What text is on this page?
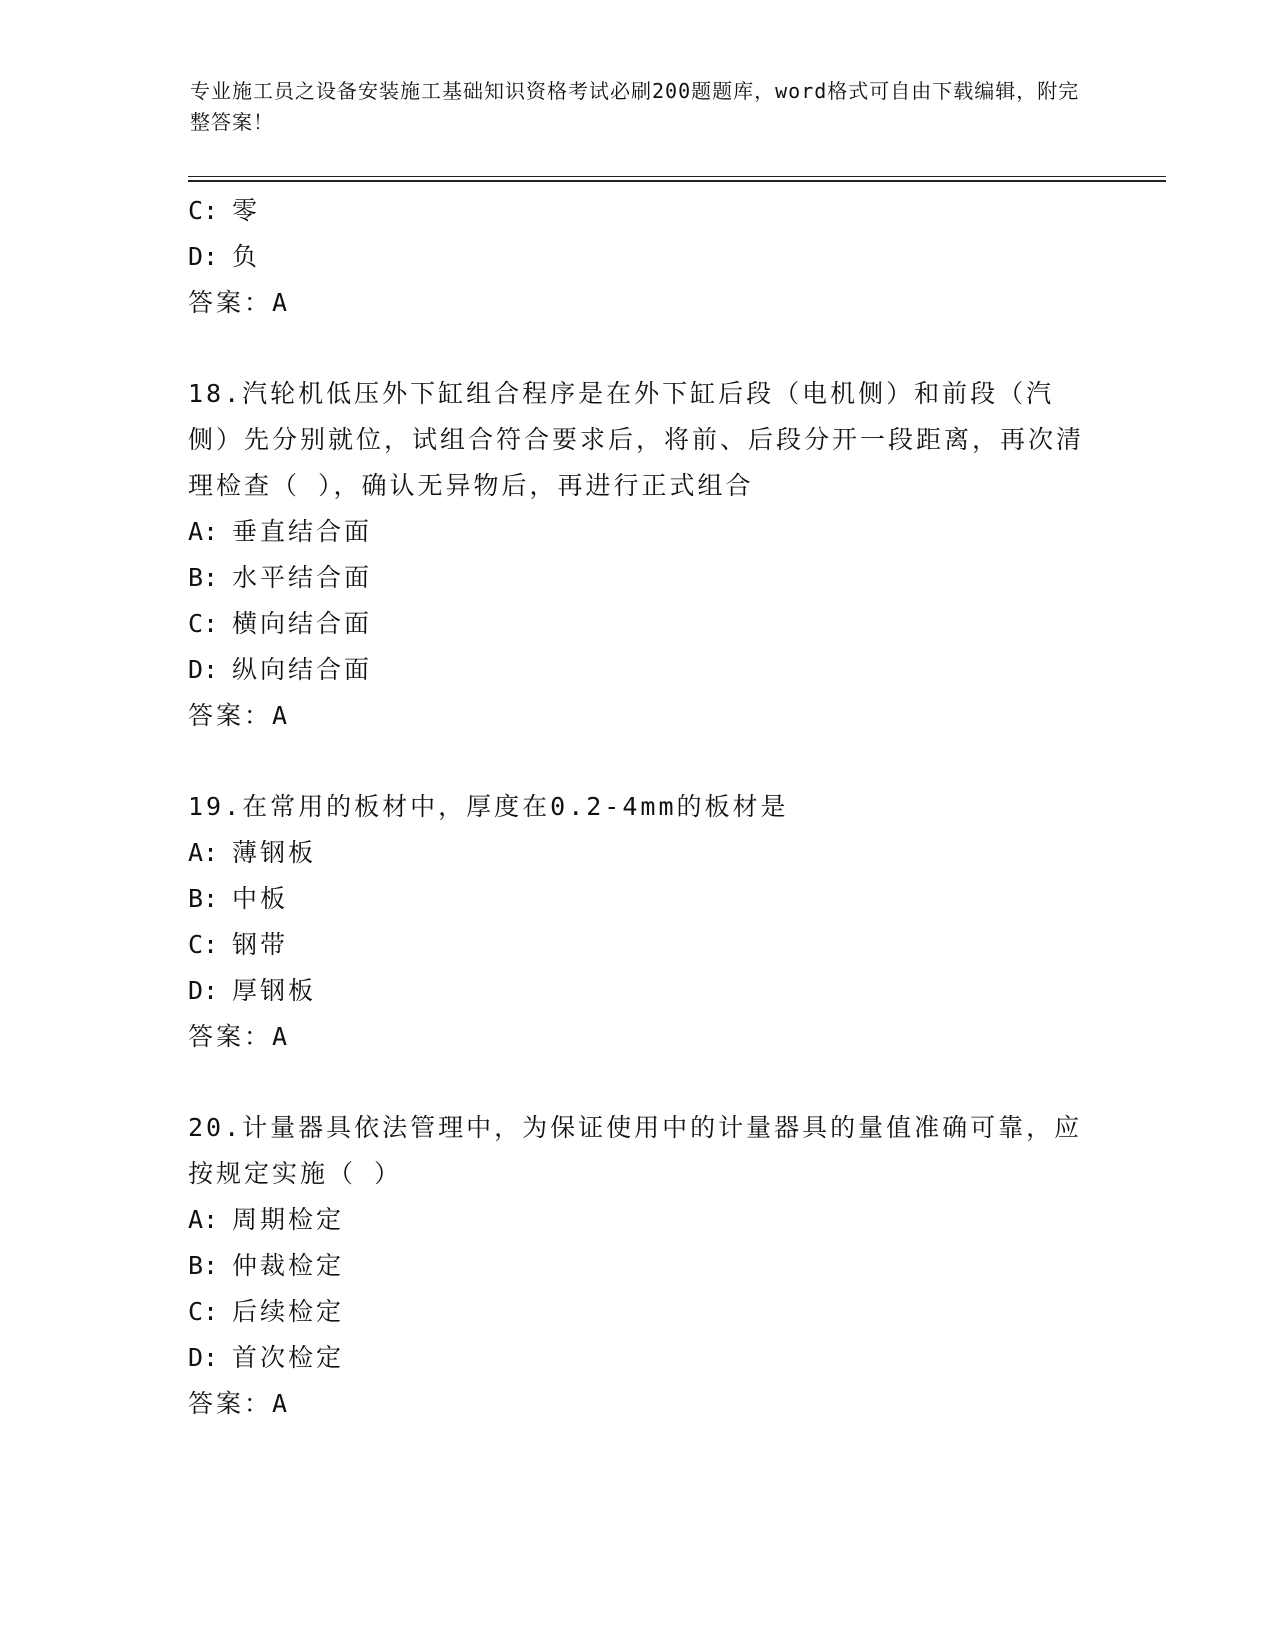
专业施工员之设备安装施工基础知识资格考试必刷200题题库，word格式可自由下载编辑，附完整答案！
C: 零
D: 负
答案：A
18.汽轮机低压外下缸组合程序是在外下缸后段（电机侧）和前段（汽侧）先分别就位，试组合符合要求后，将前、后段分开一段距离，再次清理检查（ ），确认无异物后，再进行正式组合
A: 垂直结合面
B: 水平结合面
C: 横向结合面
D: 纵向结合面
答案：A
19.在常用的板材中，厚度在0.2-4mm的板材是
A: 薄钢板
B: 中板
C: 钢带
D: 厚钢板
答案：A
20.计量器具依法管理中，为保证使用中的计量器具的量值准确可靠，应按规定实施（ ）
A: 周期检定
B: 仲裁检定
C: 后续检定
D: 首次检定
答案：A
